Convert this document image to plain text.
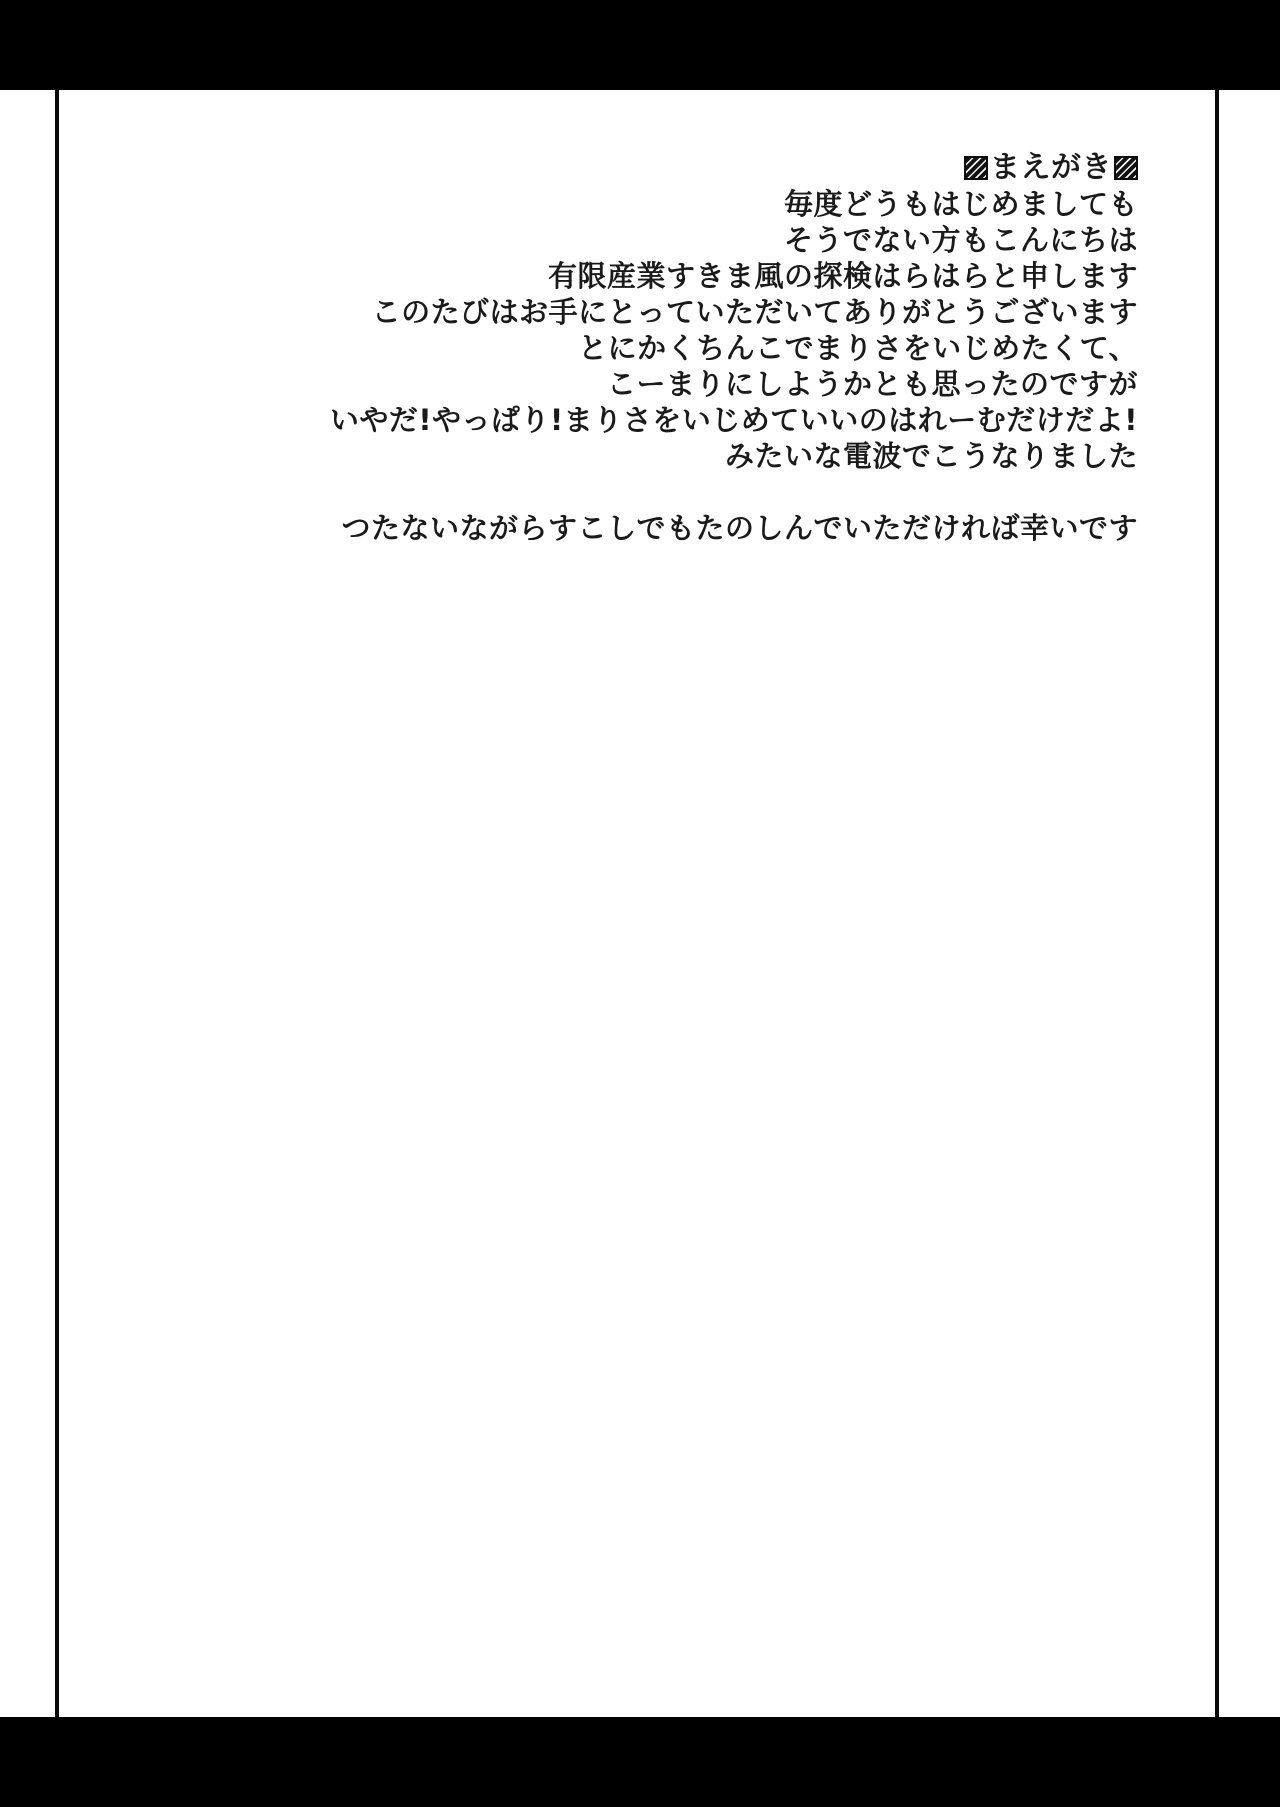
まえがき
毎度どうもはじめましても
そうでない方もこんにちは
有限産業すきま風の探検はらはらと申します
このたびはお手にとっていただいてありがとうございます
とにかくちんこでまりさをいじめたくて、
こーまりにしようかとも思ったのですが
いやだ!やっぱり!まりさをいじめていいのはれーむだけだよ!
みたいな電波でこうなりました
つたないながらすこしでもたのしんでいただければ幸いです
